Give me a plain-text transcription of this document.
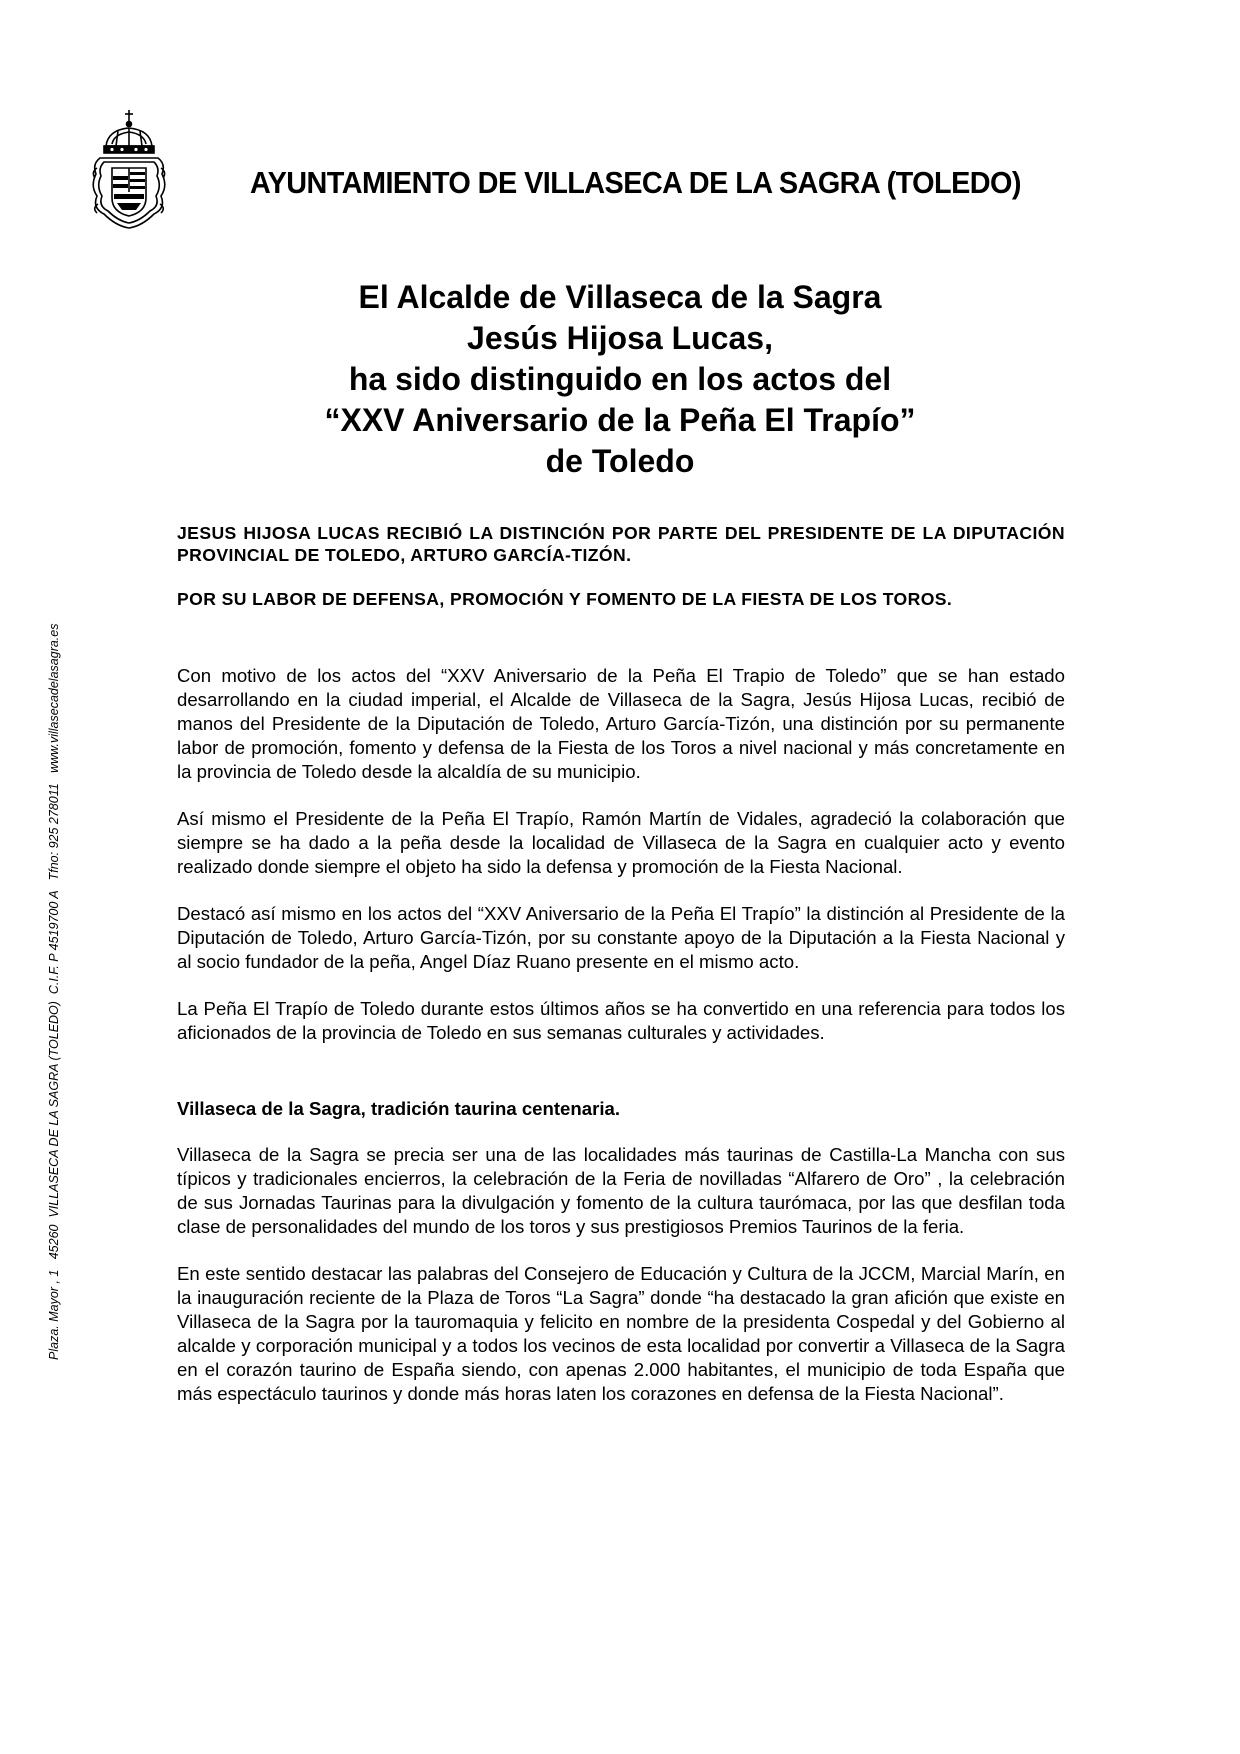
AYUNTAMIENTO DE VILLASECA DE LA SAGRA (TOLEDO)
El Alcalde de Villaseca de la Sagra
Jesús Hijosa Lucas,
ha sido distinguido en los actos del
“XXV Aniversario de la Peña El Trapío”
de Toledo
Plaza. Mayor , 1   45260  VILLASECA DE LA SAGRA (TOLEDO)  C.I.F. P 4519700 A   Tfno: 925 278011   www.villasecadelasagra.es

JESUS HIJOSA LUCAS RECIBIÓ LA DISTINCIÓN POR PARTE DEL PRESIDENTE DE LA DIPUTACIÓN PROVINCIAL DE TOLEDO, ARTURO GARCÍA-TIZÓN.

POR SU LABOR DE DEFENSA, PROMOCIÓN Y FOMENTO DE LA FIESTA DE LOS TOROS.

Con motivo de los actos del “XXV Aniversario de la Peña El Trapio de Toledo” que se han estado desarrollando en la ciudad imperial, el Alcalde de Villaseca de la Sagra, Jesús Hijosa Lucas, recibió de manos del Presidente de la Diputación de Toledo, Arturo García-Tizón, una distinción por su permanente labor de promoción, fomento y defensa de la Fiesta de los Toros a nivel nacional y más concretamente en la provincia de Toledo desde la alcaldía de su municipio.

Así mismo el Presidente de la Peña El Trapío, Ramón Martín de Vidales, agradeció la colaboración que siempre se ha dado a la peña desde la localidad de Villaseca de la Sagra en cualquier acto y evento realizado donde siempre el objeto ha sido la defensa y promoción de la Fiesta Nacional.

Destacó así mismo en los actos del “XXV Aniversario de la Peña El Trapío” la distinción al Presidente de la Diputación de Toledo, Arturo García-Tizón, por su constante apoyo de la Diputación a la Fiesta Nacional y al socio fundador de la peña, Angel Díaz Ruano presente en el mismo acto.

La Peña El Trapío de Toledo durante estos últimos años se ha convertido en una referencia para todos los aficionados de la provincia de Toledo en sus semanas culturales y actividades.

Villaseca de la Sagra, tradición taurina centenaria.

Villaseca de la Sagra se precia ser una de las localidades más taurinas de Castilla-La Mancha con sus típicos y tradicionales encierros, la celebración de la Feria de novilladas “Alfarero de Oro” , la celebración de sus Jornadas Taurinas para la divulgación y fomento de la cultura taurómaca, por las que desfilan toda clase de personalidades del mundo de los toros y sus prestigiosos Premios Taurinos de la feria.

En este sentido destacar las palabras del Consejero de Educación y Cultura de la JCCM, Marcial Marín, en la inauguración reciente de la Plaza de Toros “La Sagra” donde “ha destacado la gran afición que existe en Villaseca de la Sagra por la tauromaquia y felicito en nombre de la presidenta Cospedal y del Gobierno al alcalde y corporación municipal y a todos los vecinos de esta localidad por convertir a Villaseca de la Sagra en el corazón taurino de España siendo, con apenas 2.000 habitantes, el municipio de toda España que más espectáculo taurinos y donde más horas laten los corazones en defensa de la Fiesta Nacional”.
